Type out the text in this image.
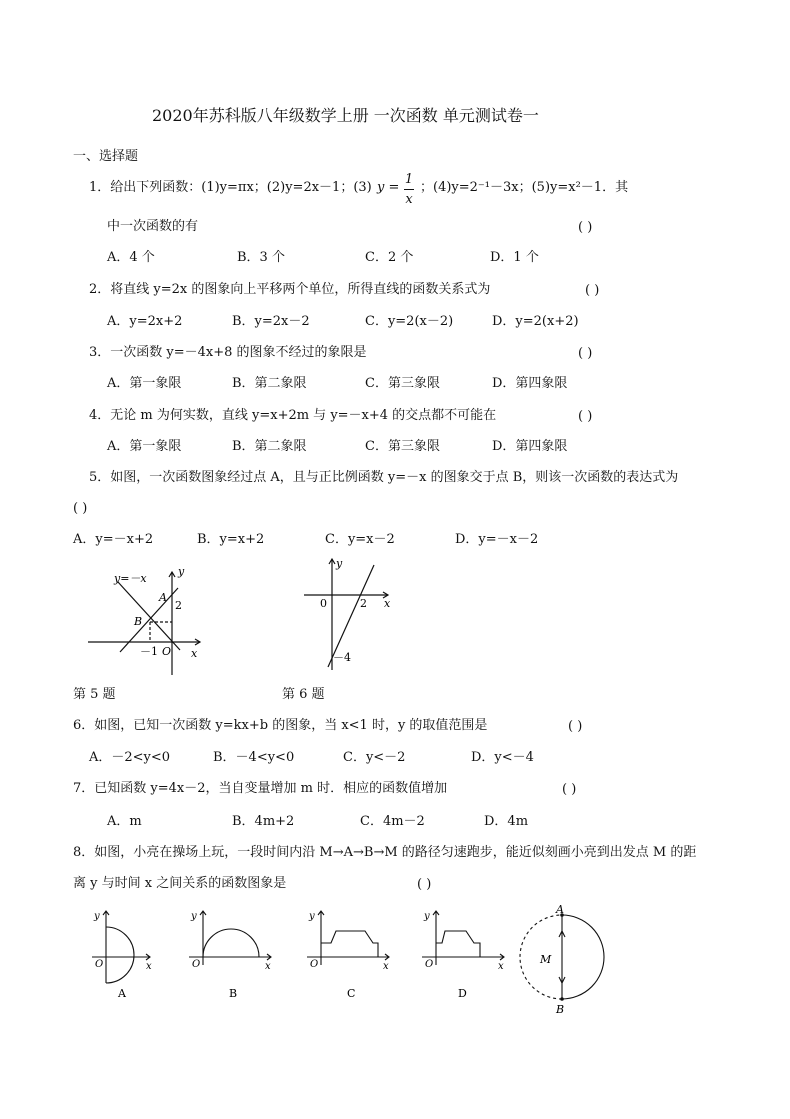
2020年苏科版八年级数学上册 一次函数 单元测试卷一
一、选择题
1．给出下列函数：(1)y=πx；(2)y=2x－1；(3) y =
1
x
；(4)y=2⁻¹－3x；(5)y=x²－1．其
中一次函数的有	( )
A．4 个	B．3 个	C．2 个	D．1 个
2．将直线 y=2x 的图象向上平移两个单位，所得直线的函数关系式为	( )
A．y=2x+2	B．y=2x－2	C．y=2(x－2)	D．y=2(x+2)
3．一次函数 y=－4x+8 的图象不经过的象限是	( )
A．第一象限	B．第二象限	C．第三象限	D．第四象限
4．无论 m 为何实数，直线 y=x+2m 与 y=－x+4 的交点都不可能在	( )
A．第一象限	B．第二象限	C．第三象限	D．第四象限
5．如图，一次函数图象经过点 A，且与正比例函数 y=－x 的图象交于点 B，则该一次函数的表达式为
( )
A．y=－x+2	B．y=x+2	C．y=x－2	D．y=－x－2
y=－x
y
x
A
B
2
－1 O
第 5 题
y
x
0	2
－4
第 6 题
6．如图，已知一次函数 y=kx+b 的图象，当 x<1 时，y 的取值范围是	( )
A．－2<y<0	B．－4<y<0	C．y<－2	D．y<－4
7．已知函数 y=4x－2，当自变量增加 m 时．相应的函数值增加	( )
A．m	B．4m+2	C．4m－2	D．4m
8．如图，小亮在操场上玩，一段时间内沿 M→A→B→M 的路径匀速跑步，能近似刻画小亮到出发点 M 的距
离 y 与时间 x 之间关系的函数图象是	( )
y
x
O
A
y
x
O
B
y
x
O
C
y
x
O
D
A
M
B
